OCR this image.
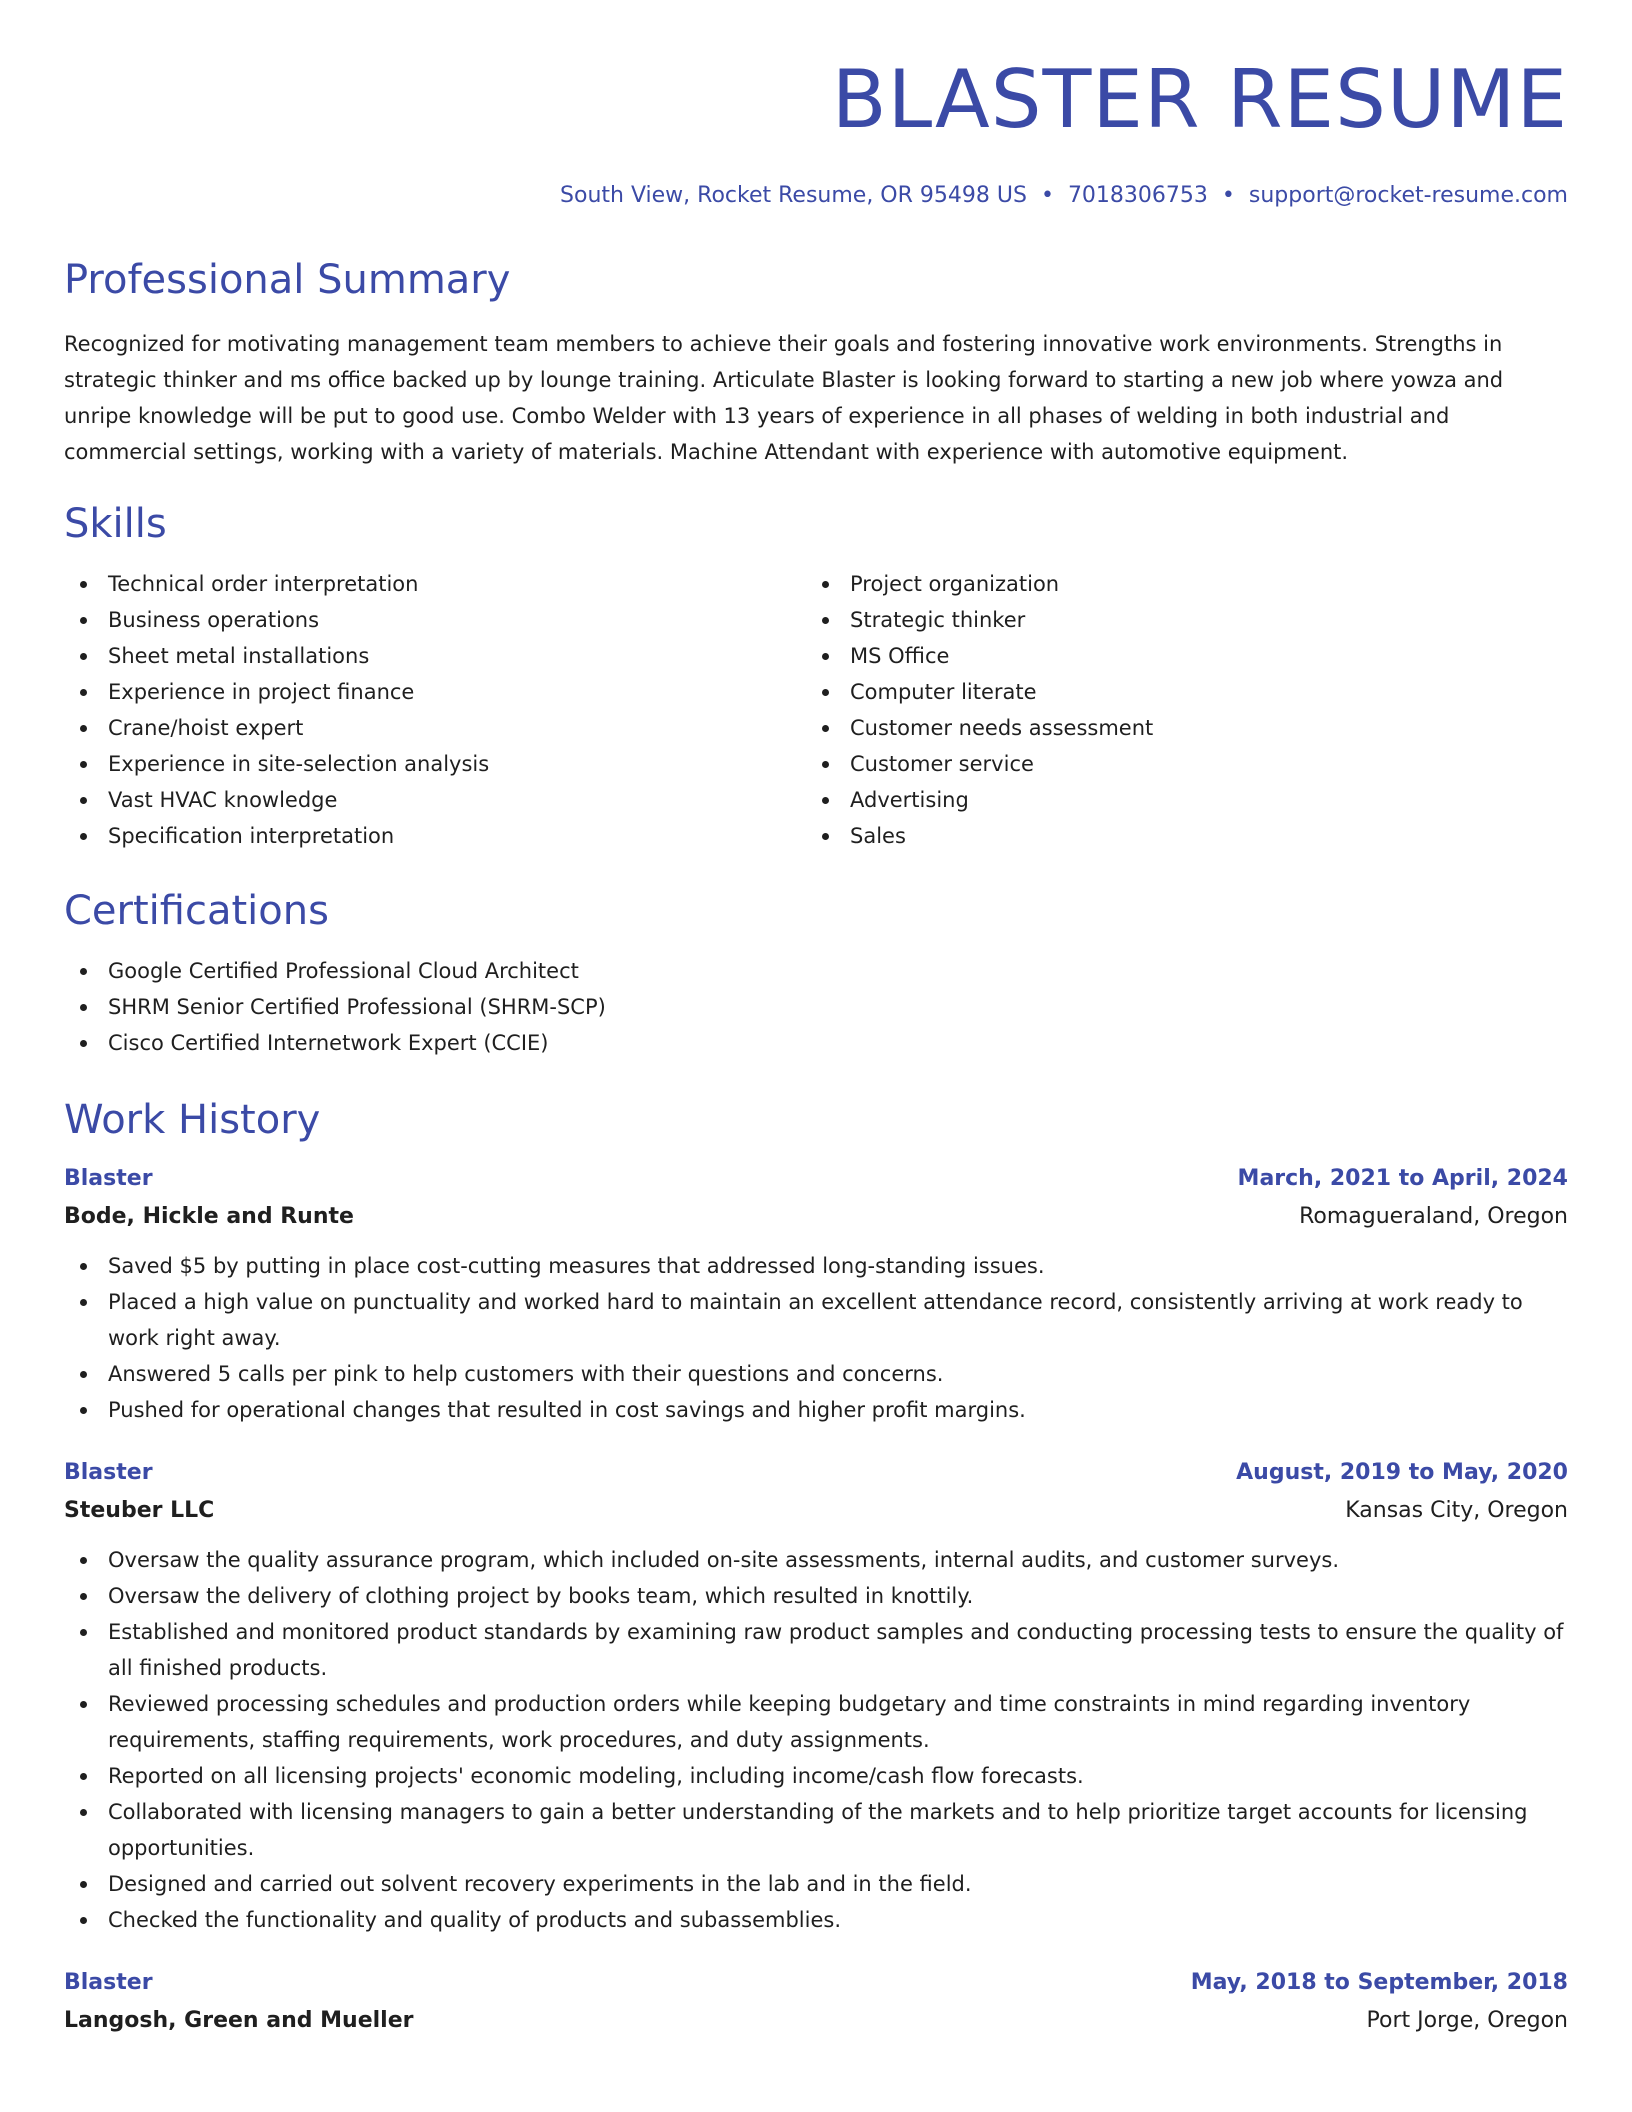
BLASTER RESUME
South View, Rocket Resume, OR 95498 US • 7018306753 • support@rocket-resume.com
Professional Summary

Recognized for motivating management team members to achieve their goals and fostering innovative work environments. Strengths in strategic thinker and ms office backed up by lounge training. Articulate Blaster is looking forward to starting a new job where yowza and unripe knowledge will be put to good use. Combo Welder with 13 years of experience in all phases of welding in both industrial and commercial settings, working with a variety of materials. Machine Attendant with experience with automotive equipment.

Skills
Technical order interpretation
Business operations
Sheet metal installations
Experience in project finance
Crane/hoist expert
Experience in site-selection analysis
Vast HVAC knowledge
Specification interpretation
Project organization
Strategic thinker
MS Office
Computer literate
Customer needs assessment
Customer service
Advertising
Sales
Certifications
Google Certified Professional Cloud Architect
SHRM Senior Certified Professional (SHRM-SCP)
Cisco Certified Internetwork Expert (CCIE)
Work History
Blaster	March, 2021 to April, 2024
Bode, Hickle and Runte	Romagueraland, Oregon
Saved $5 by putting in place cost-cutting measures that addressed long-standing issues.
Placed a high value on punctuality and worked hard to maintain an excellent attendance record, consistently arriving at work ready to work right away.
Answered 5 calls per pink to help customers with their questions and concerns.
Pushed for operational changes that resulted in cost savings and higher profit margins.
Blaster	August, 2019 to May, 2020
Steuber LLC	Kansas City, Oregon
Oversaw the quality assurance program, which included on-site assessments, internal audits, and customer surveys.
Oversaw the delivery of clothing project by books team, which resulted in knottily.
Established and monitored product standards by examining raw product samples and conducting processing tests to ensure the quality of all finished products.
Reviewed processing schedules and production orders while keeping budgetary and time constraints in mind regarding inventory requirements, staffing requirements, work procedures, and duty assignments.
Reported on all licensing projects' economic modeling, including income/cash flow forecasts.
Collaborated with licensing managers to gain a better understanding of the markets and to help prioritize target accounts for licensing opportunities.
Designed and carried out solvent recovery experiments in the lab and in the field.
Checked the functionality and quality of products and subassemblies.
Blaster	May, 2018 to September, 2018
Langosh, Green and Mueller	Port Jorge, Oregon
